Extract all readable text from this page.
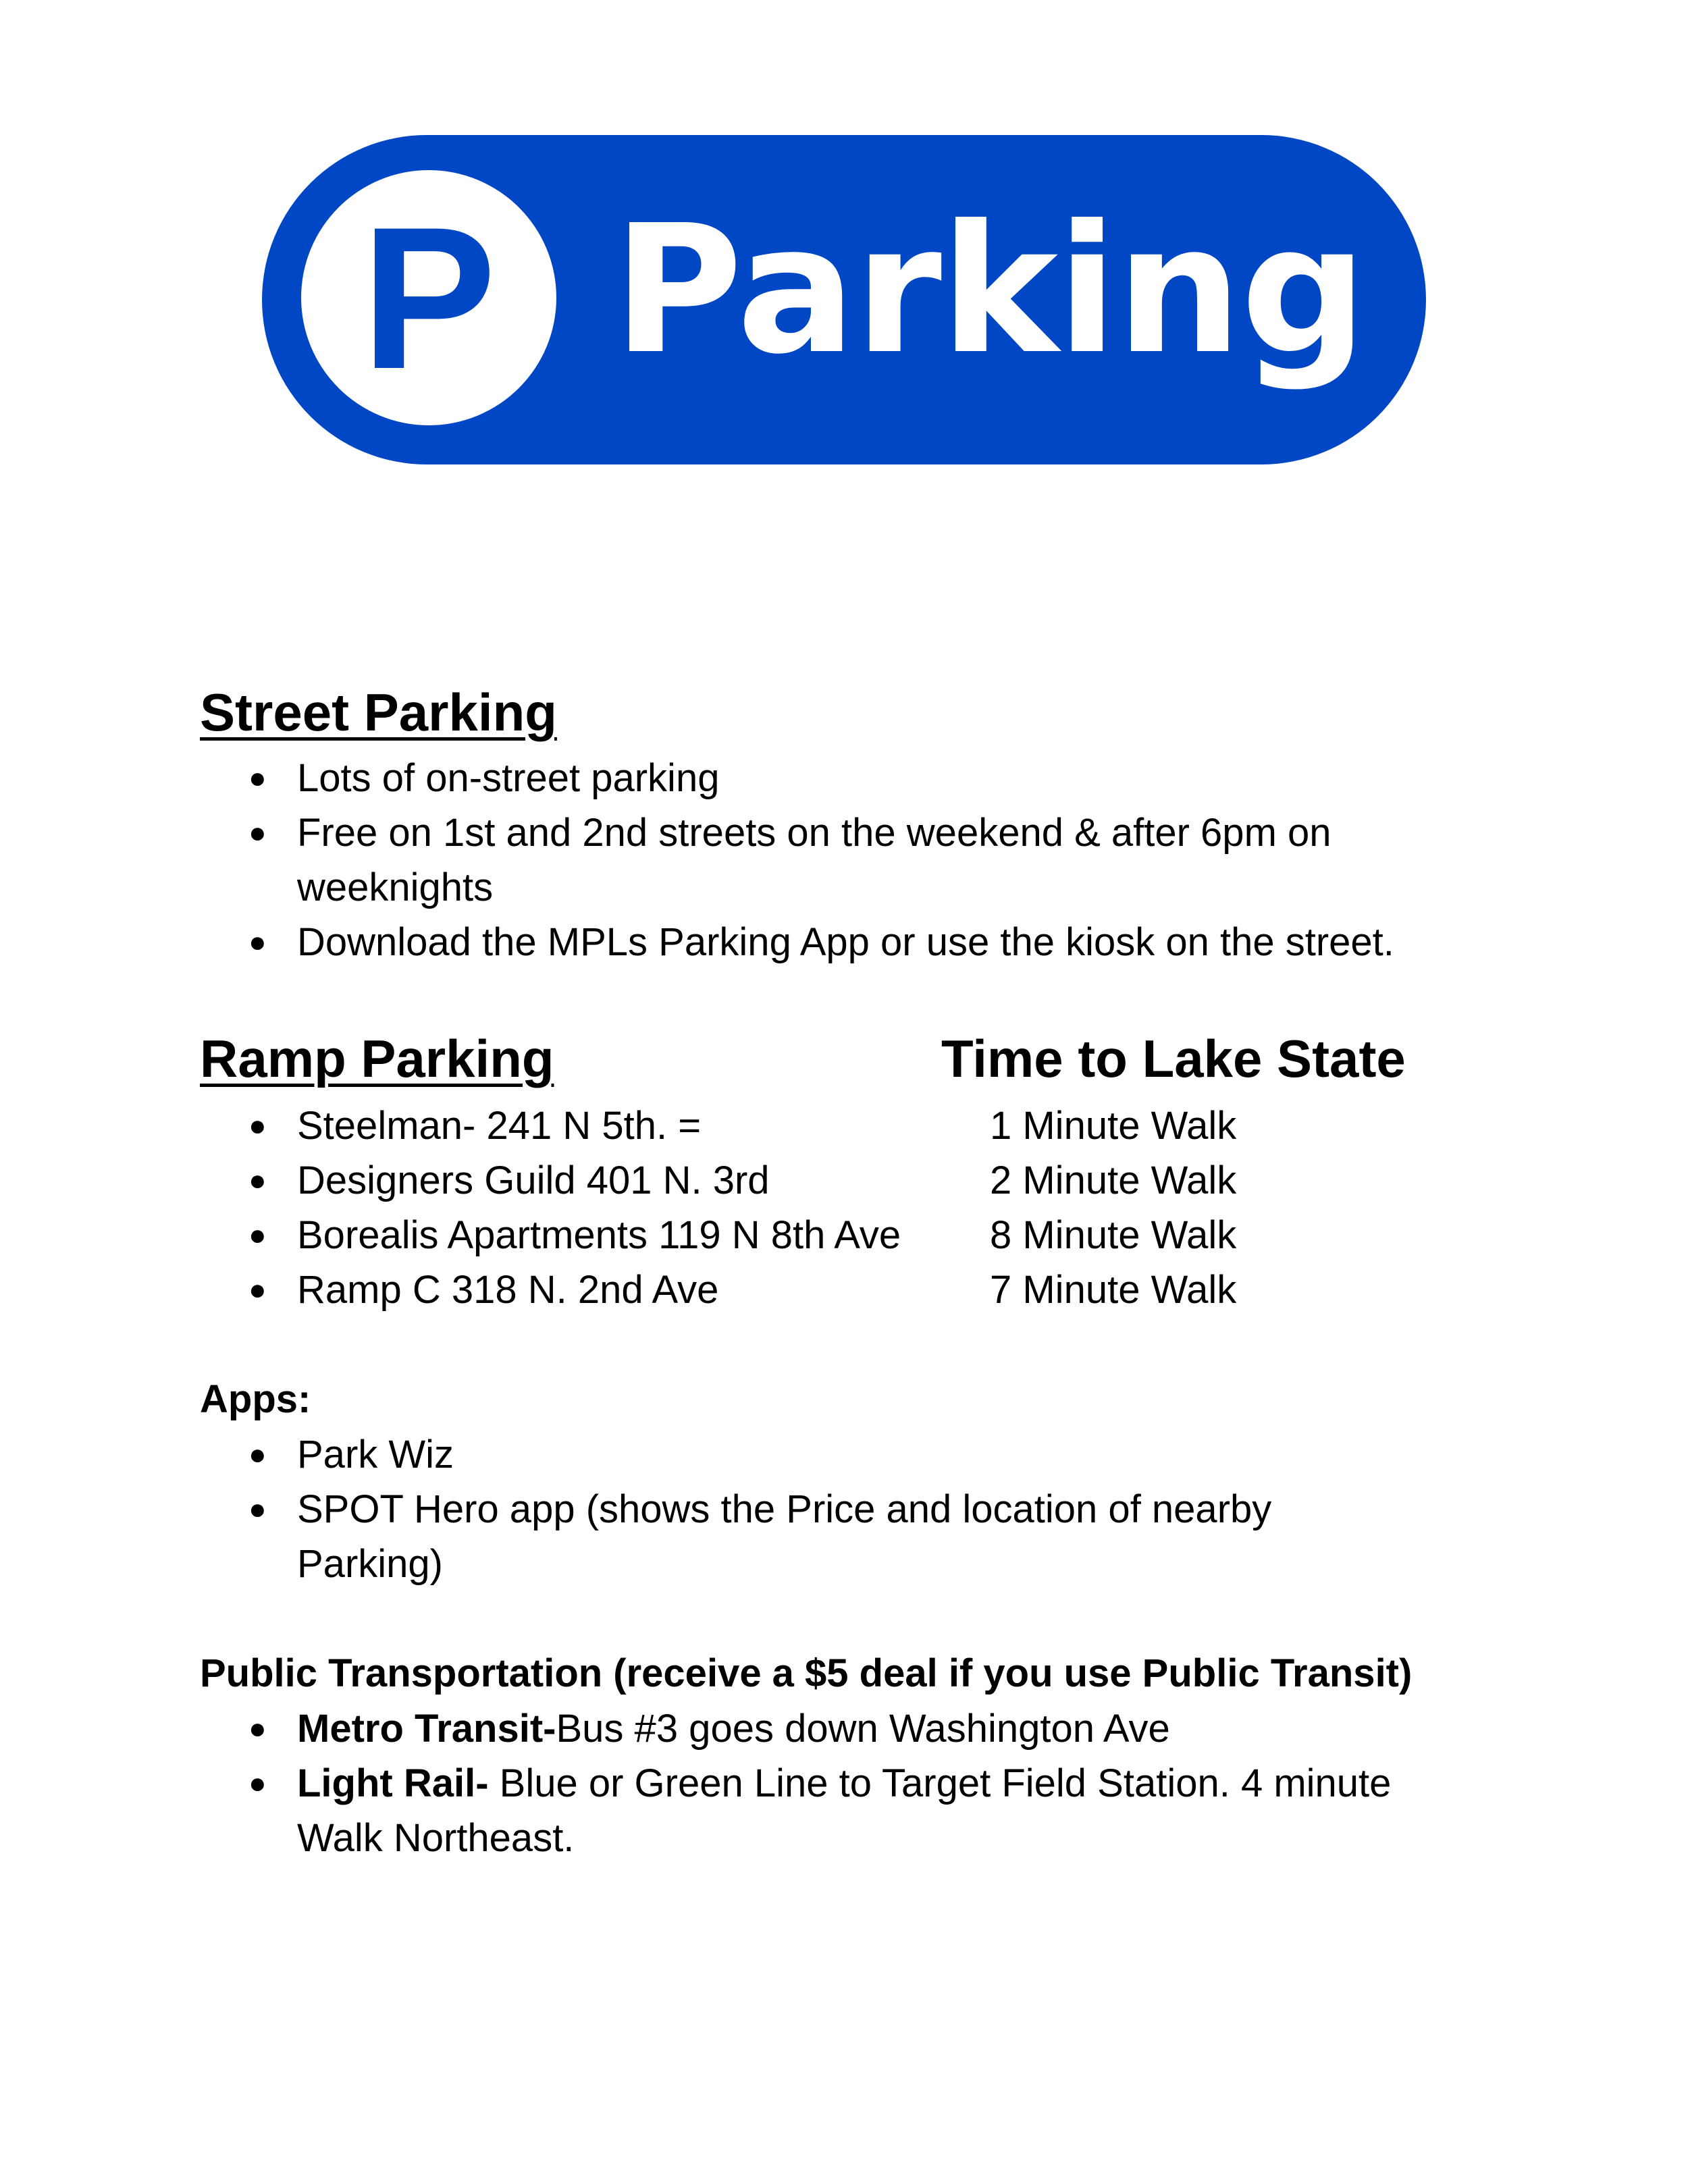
P Parking
Street Parking
● Lots of on-street parking
● Free on 1st and 2nd streets on the weekend & after 6pm on
weeknights
● Download the MPLs Parking App or use the kiosk on the street.
Ramp Parking	Time to Lake State
● Steelman- 241 N 5th. =	1 Minute Walk
● Designers Guild 401 N. 3rd	2 Minute Walk
● Borealis Apartments 119 N 8th Ave 8 Minute Walk
● Ramp C 318 N. 2nd Ave	7 Minute Walk
Apps:
● Park Wiz
● SPOT Hero app (shows the Price and location of nearby
Parking)
Public Transportation (receive a $5 deal if you use Public Transit)
● Metro Transit-Bus #3 goes down Washington Ave
● Light Rail- Blue or Green Line to Target Field Station. 4 minute
Walk Northeast.
